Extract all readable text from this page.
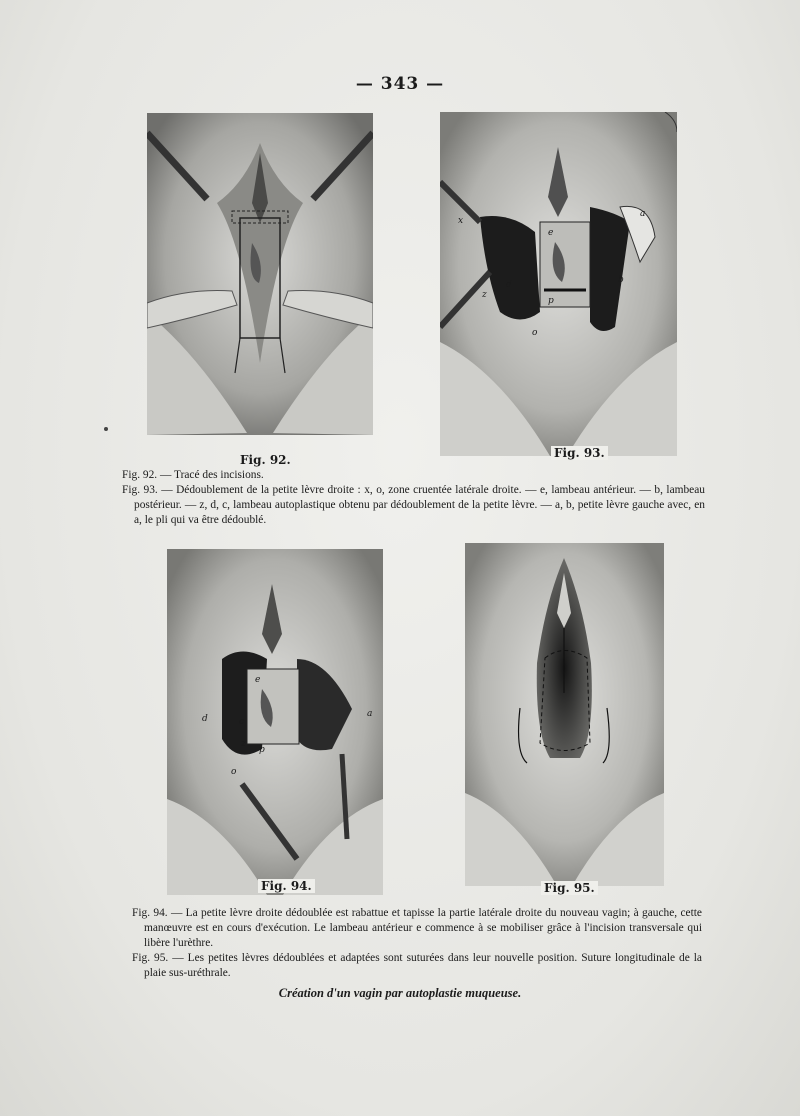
— 343 —
Fig. 92.
x
e
a
z
d	b
p
o
Fig. 93.
Fig. 92. — Tracé des incisions.
Fig. 93. — Dédoublement de la petite lèvre droite : x, o, zone cruentée latérale droite. — e, lambeau antérieur. — b, lambeau postérieur. — z, d, c, lambeau autoplastique obtenu par dédoublement de la petite lèvre. — a, b, petite lèvre gauche avec, en a, le pli qui va être dédoublé.
e
a
d	c
z
p
o
Fig. 94.	Fig. 95.
Fig. 94. — La petite lèvre droite dédoublée est rabattue et tapisse la partie latérale droite du nouveau vagin; à gauche, cette manœuvre est en cours d'exécution. Le lambeau antérieur e commence à se mobiliser grâce à l'incision transversale qui libère l'urèthre.
Fig. 95. — Les petites lèvres dédoublées et adaptées sont suturées dans leur nouvelle position. Suture longitudinale de la plaie sus-uréthrale.
Création d'un vagin par autoplastie muqueuse.
